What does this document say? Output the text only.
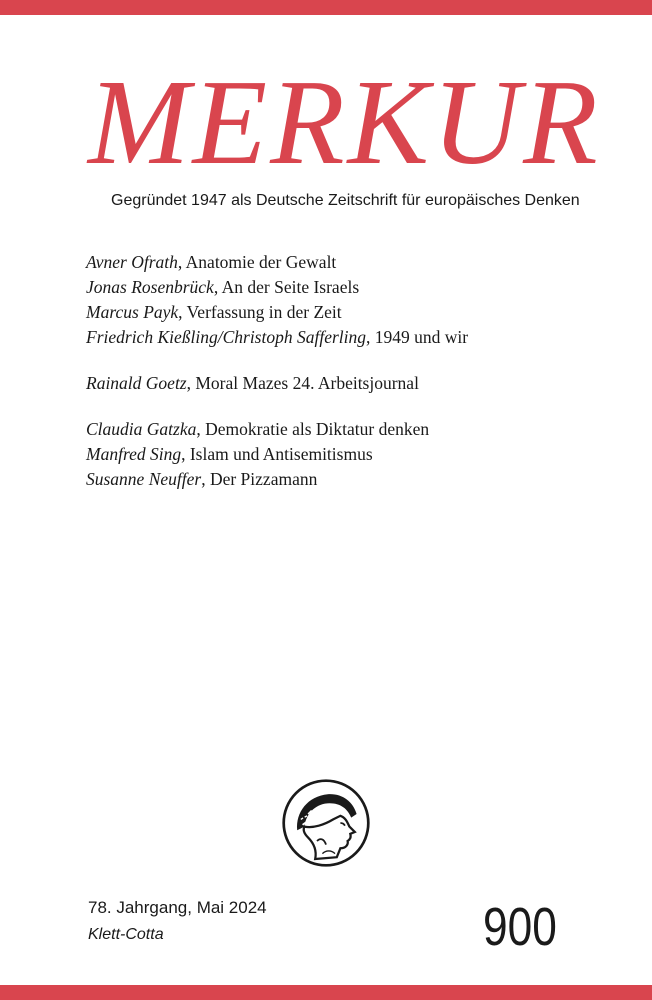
MERKUR
Gegründet 1947 als Deutsche Zeitschrift für europäisches Denken
Avner Ofrath, Anatomie der Gewalt
Jonas Rosenbrück, An der Seite Israels
Marcus Payk, Verfassung in der Zeit
Friedrich Kießling/Christoph Safferling, 1949 und wir
Rainald Goetz, Moral Mazes 24. Arbeitsjournal
Claudia Gatzka, Demokratie als Diktatur denken
Manfred Sing, Islam und Antisemitismus
Susanne Neuffer, Der Pizzamann
78. Jahrgang, Mai 2024
Klett-Cotta	900
